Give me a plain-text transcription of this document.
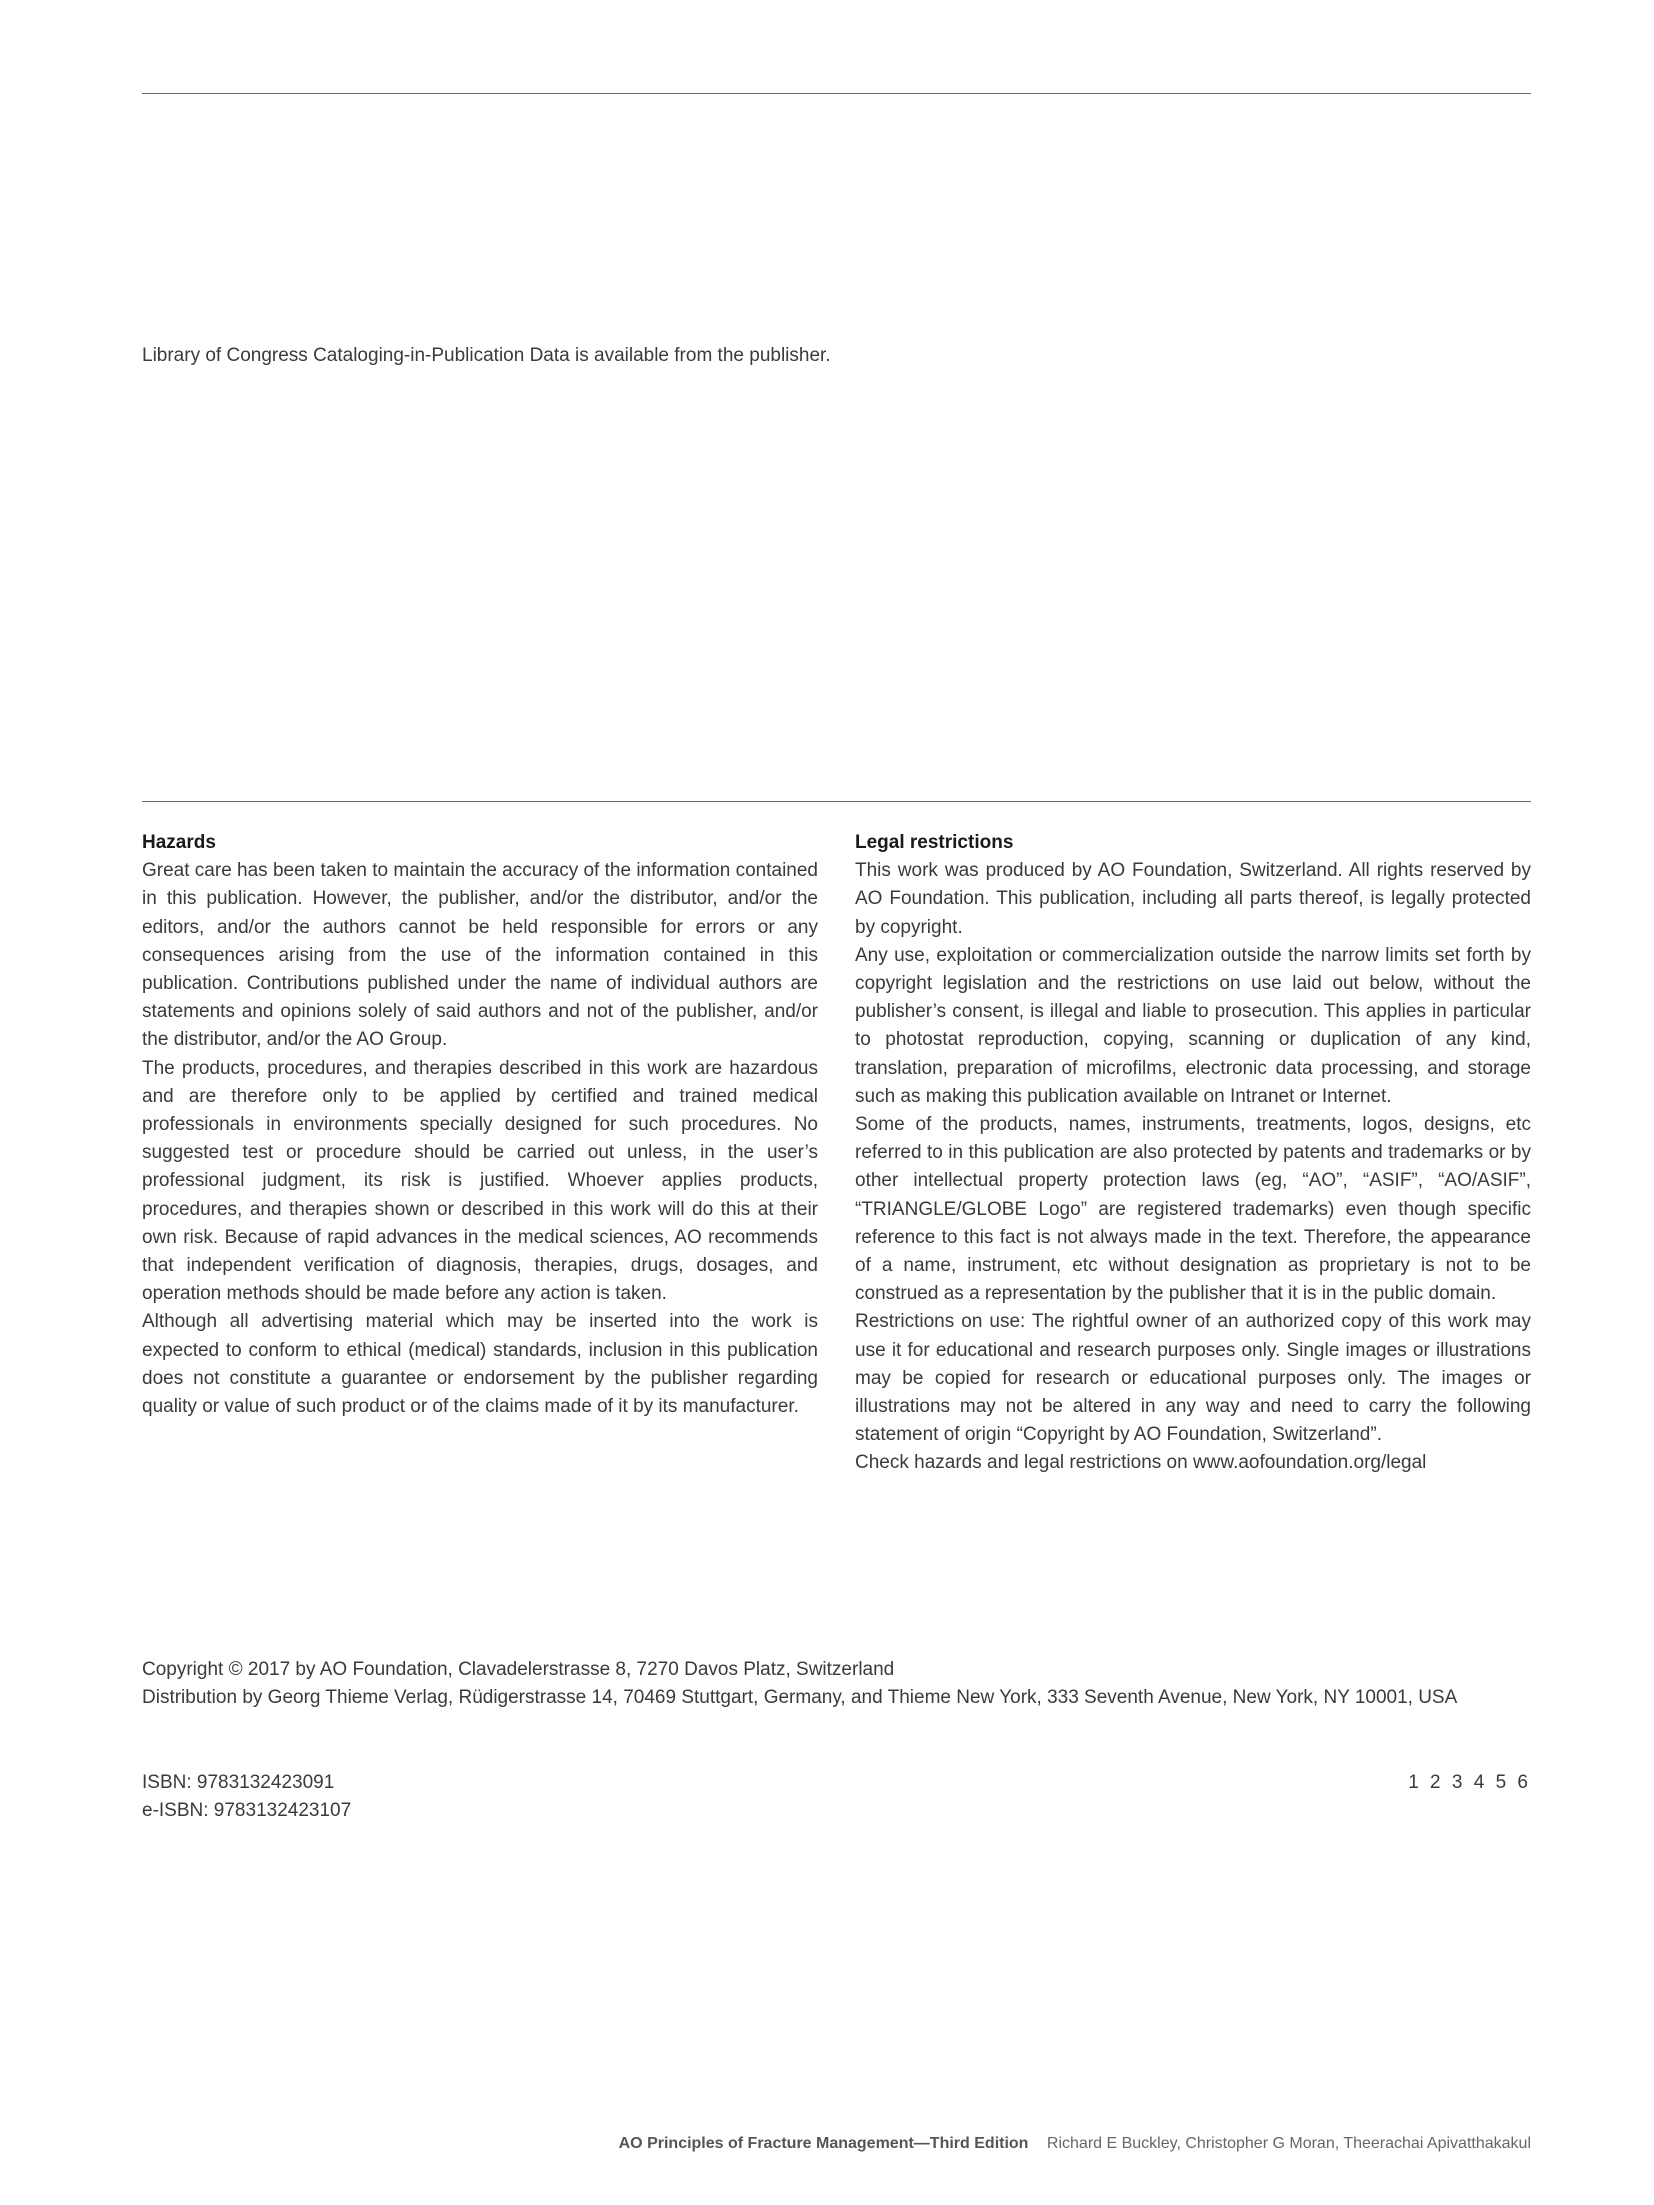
Library of Congress Cataloging-in-Publication Data is available from the publisher.
Hazards

Great care has been taken to maintain the accuracy of the information contained in this publication. However, the publisher, and/or the distributor, and/or the editors, and/or the authors cannot be held responsible for errors or any consequences arising from the use of the information contained in this publication. Contributions published under the name of individual authors are statements and opinions solely of said authors and not of the publisher, and/or the distributor, and/or the AO Group.

The products, procedures, and therapies described in this work are hazardous and are therefore only to be applied by certified and trained medical professionals in environments specially designed for such procedures. No suggested test or procedure should be carried out unless, in the user’s professional judgment, its risk is justified. Whoever applies products, procedures, and therapies shown or described in this work will do this at their own risk. Because of rapid advances in the medical sciences, AO recommends that independent verification of diagnosis, therapies, drugs, dosages, and operation methods should be made before any action is taken.

Although all advertising material which may be inserted into the work is expected to conform to ethical (medical) standards, inclusion in this publication does not constitute a guarantee or endorsement by the publisher regarding quality or value of such product or of the claims made of it by its manufacturer.

Legal restrictions

This work was produced by AO Foundation, Switzerland. All rights reserved by AO Foundation. This publication, including all parts thereof, is legally protected by copyright.

Any use, exploitation or commercialization outside the narrow limits set forth by copyright legislation and the restrictions on use laid out below, without the publisher’s consent, is illegal and liable to prosecution. This applies in particular to photostat reproduction, copying, scanning or duplication of any kind, translation, preparation of microfilms, electronic data processing, and storage such as making this publication available on Intranet or Internet.

Some of the products, names, instruments, treatments, logos, designs, etc referred to in this publication are also protected by patents and trademarks or by other intellectual property protection laws (eg, “AO”, “ASIF”, “AO/ASIF”, “TRIANGLE/GLOBE Logo” are registered trademarks) even though specific reference to this fact is not always made in the text. Therefore, the appearance of a name, instrument, etc without designation as proprietary is not to be construed as a representation by the publisher that it is in the public domain.

Restrictions on use: The rightful owner of an authorized copy of this work may use it for educational and research purposes only. Single images or illustrations may be copied for research or educational purposes only. The images or illustrations may not be altered in any way and need to carry the following statement of origin “Copyright by AO Foundation, Switzerland”.

Check hazards and legal restrictions on www.aofoundation.org/legal

Copyright © 2017 by AO Foundation, Clavadelerstrasse 8, 7270 Davos Platz, Switzerland
Distribution by Georg Thieme Verlag, Rüdigerstrasse 14, 70469 Stuttgart, Germany, and Thieme New York, 333 Seventh Avenue, New York, NY 10001, USA
ISBN: 9783132423091
e-ISBN: 9783132423107
1 2 3 4 5 6
AO Principles of Fracture Management—Third Edition Richard E Buckley, Christopher G Moran, Theerachai Apivatthakakul
